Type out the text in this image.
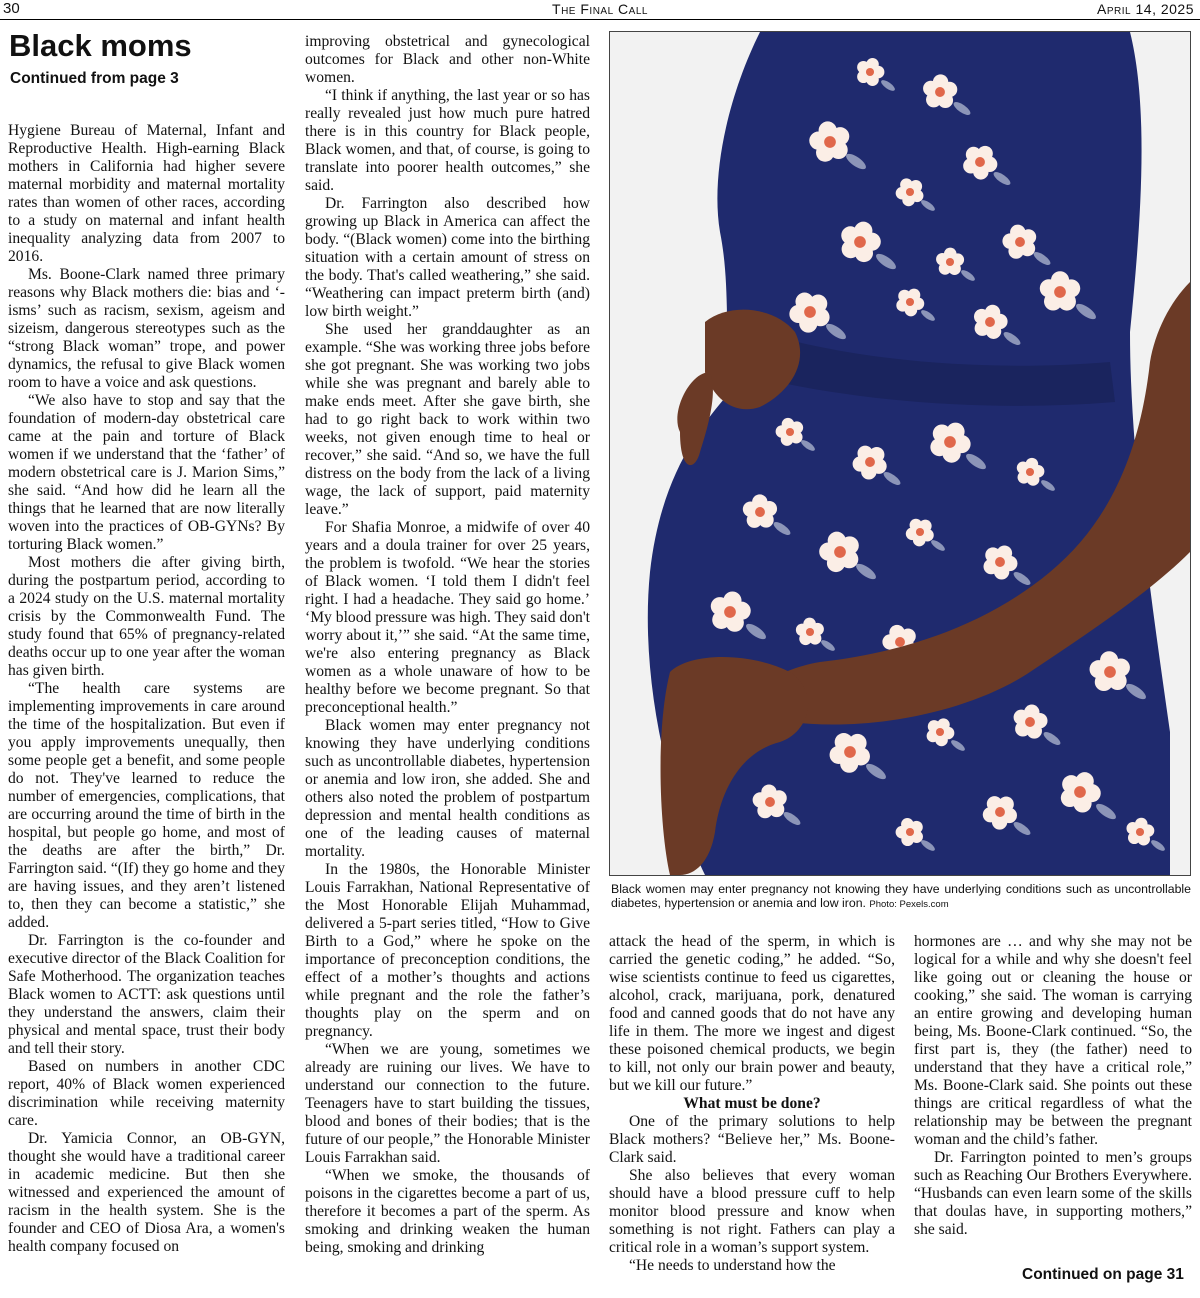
30	The Final Call	April 14, 2025
Black moms
Continued from page 3

Hygiene Bureau of Maternal, Infant and Reproductive Health. High-earning Black mothers in California had higher severe maternal morbidity and maternal mortality rates than women of other races, according to a study on maternal and infant health inequality analyzing data from 2007 to 2016.

Ms. Boone-Clark named three primary reasons why Black mothers die: bias and ‘-isms’ such as racism, sexism, ageism and sizeism, dangerous stereotypes such as the “strong Black woman” trope, and power dynamics, the refusal to give Black women room to have a voice and ask questions.

“We also have to stop and say that the foundation of modern-day obstetrical care came at the pain and torture of Black women if we understand that the ‘father’ of modern obstetrical care is J. Marion Sims,” she said. “And how did he learn all the things that he learned that are now literally woven into the practices of OB-GYNs? By torturing Black women.”

Most mothers die after giving birth, during the postpartum period, according to a 2024 study on the U.S. maternal mortality crisis by the Commonwealth Fund. The study found that 65% of pregnancy-related deaths occur up to one year after the woman has given birth.

“The health care systems are implementing improvements in care around the time of the hospitalization. But even if you apply improvements unequally, then some people get a benefit, and some people do not. They've learned to reduce the number of emergencies, complications, that are occurring around the time of birth in the hospital, but people go home, and most of the deaths are after the birth,” Dr. Farrington said. “(If) they go home and they are having issues, and they aren’t listened to, then they can become a statistic,” she added.

Dr. Farrington is the co-founder and executive director of the Black Coalition for Safe Motherhood. The organization teaches Black women to ACTT: ask questions until they understand the answers, claim their physical and mental space, trust their body and tell their story.

Based on numbers in another CDC report, 40% of Black women experienced discrimination while receiving maternity care.

Dr. Yamicia Connor, an OB-GYN, thought she would have a traditional career in academic medicine. But then she witnessed and experienced the amount of racism in the health system. She is the founder and CEO of Diosa Ara, a women's health company focused on

improving obstetrical and gynecological outcomes for Black and other non-White women.

“I think if anything, the last year or so has really revealed just how much pure hatred there is in this country for Black people, Black women, and that, of course, is going to translate into poorer health outcomes,” she said.

Dr. Farrington also described how growing up Black in America can affect the body. “(Black women) come into the birthing situation with a certain amount of stress on the body. That's called weathering,” she said. “Weathering can impact preterm birth (and) low birth weight.”

She used her granddaughter as an example. “She was working three jobs before she got pregnant. She was working two jobs while she was pregnant and barely able to make ends meet. After she gave birth, she had to go right back to work within two weeks, not given enough time to heal or recover,” she said. “And so, we have the full distress on the body from the lack of a living wage, the lack of support, paid maternity leave.”

For Shafia Monroe, a midwife of over 40 years and a doula trainer for over 25 years, the problem is twofold. “We hear the stories of Black women. ‘I told them I didn't feel right. I had a headache. They said go home.’ ‘My blood pressure was high. They said don't worry about it,’” she said. “At the same time, we're also entering pregnancy as Black women as a whole unaware of how to be healthy before we become pregnant. So that preconceptional health.”

Black women may enter pregnancy not knowing they have underlying conditions such as uncontrollable diabetes, hypertension or anemia and low iron, she added. She and others also noted the problem of postpartum depression and mental health conditions as one of the leading causes of maternal mortality.

In the 1980s, the Honorable Minister Louis Farrakhan, National Representative of the Most Honorable Elijah Muhammad, delivered a 5-part series titled, “How to Give Birth to a God,” where he spoke on the importance of preconception conditions, the effect of a mother’s thoughts and actions while pregnant and the role the father’s thoughts play on the sperm and on pregnancy.

“When we are young, sometimes we already are ruining our lives. We have to understand our connection to the future. Teenagers have to start building the tissues, blood and bones of their bodies; that is the future of our people,” the Honorable Minister Louis Farrakhan said.

“When we smoke, the thousands of poisons in the cigarettes become a part of us, therefore it becomes a part of the sperm. As smoking and drinking weaken the human being, smoking and drinking

Black women may enter pregnancy not knowing they have underlying conditions such as uncontrollable diabetes, hypertension or anemia and low iron. Photo: Pexels.com

attack the head of the sperm, in which is carried the genetic coding,” he added. “So, wise scientists continue to feed us cigarettes, alcohol, crack, marijuana, pork, denatured food and canned goods that do not have any life in them. The more we ingest and digest these poisoned chemical products, we begin to kill, not only our brain power and beauty, but we kill our future.”

What must be done?

One of the primary solutions to help Black mothers? “Believe her,” Ms. Boone-Clark said.

She also believes that every woman should have a blood pressure cuff to help monitor blood pressure and know when something is not right. Fathers can play a critical role in a woman’s support system.

“He needs to understand how the

hormones are … and why she may not be logical for a while and why she doesn't feel like going out or cleaning the house or cooking,” she said. The woman is carrying an entire growing and developing human being, Ms. Boone-Clark continued. “So, the first part is, they (the father) need to understand that they have a critical role,” Ms. Boone-Clark said. She points out these things are critical regardless of what the relationship may be between the pregnant woman and the child’s father.

Dr. Farrington pointed to men’s groups such as Reaching Our Brothers Everywhere. “Husbands can even learn some of the skills that doulas have, in supporting mothers,” she said.

Continued on page 31
